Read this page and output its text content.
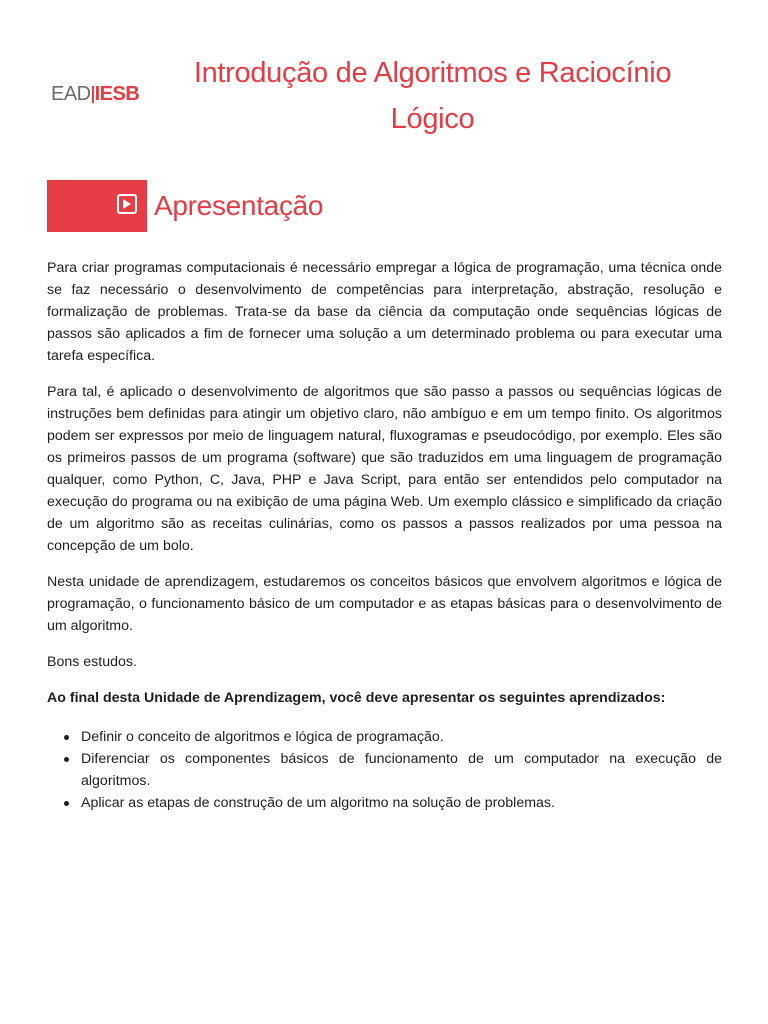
EAD IESB
Introdução de Algoritmos e Raciocínio Lógico
Apresentação

Para criar programas computacionais é necessário empregar a lógica de programação, uma técnica onde se faz necessário o desenvolvimento de competências para interpretação, abstração, resolução e formalização de problemas. Trata-se da base da ciência da computação onde sequências lógicas de passos são aplicados a fim de fornecer uma solução a um determinado problema ou para executar uma tarefa específica.

Para tal, é aplicado o desenvolvimento de algoritmos que são passo a passos ou sequências lógicas de instruções bem definidas para atingir um objetivo claro, não ambíguo e em um tempo finito. Os algoritmos podem ser expressos por meio de linguagem natural, fluxogramas e pseudocódigo, por exemplo. Eles são os primeiros passos de um programa (software) que são traduzidos em uma linguagem de programação qualquer, como Python, C, Java, PHP e Java Script, para então ser entendidos pelo computador na execução do programa ou na exibição de uma página Web. Um exemplo clássico e simplificado da criação de um algoritmo são as receitas culinárias, como os passos a passos realizados por uma pessoa na concepção de um bolo.

Nesta unidade de aprendizagem, estudaremos os conceitos básicos que envolvem algoritmos e lógica de programação, o funcionamento básico de um computador e as etapas básicas para o desenvolvimento de um algoritmo.

Bons estudos.

Ao final desta Unidade de Aprendizagem, você deve apresentar os seguintes aprendizados:

Definir o conceito de algoritmos e lógica de programação.
Diferenciar os componentes básicos de funcionamento de um computador na execução de algoritmos.
Aplicar as etapas de construção de um algoritmo na solução de problemas.
